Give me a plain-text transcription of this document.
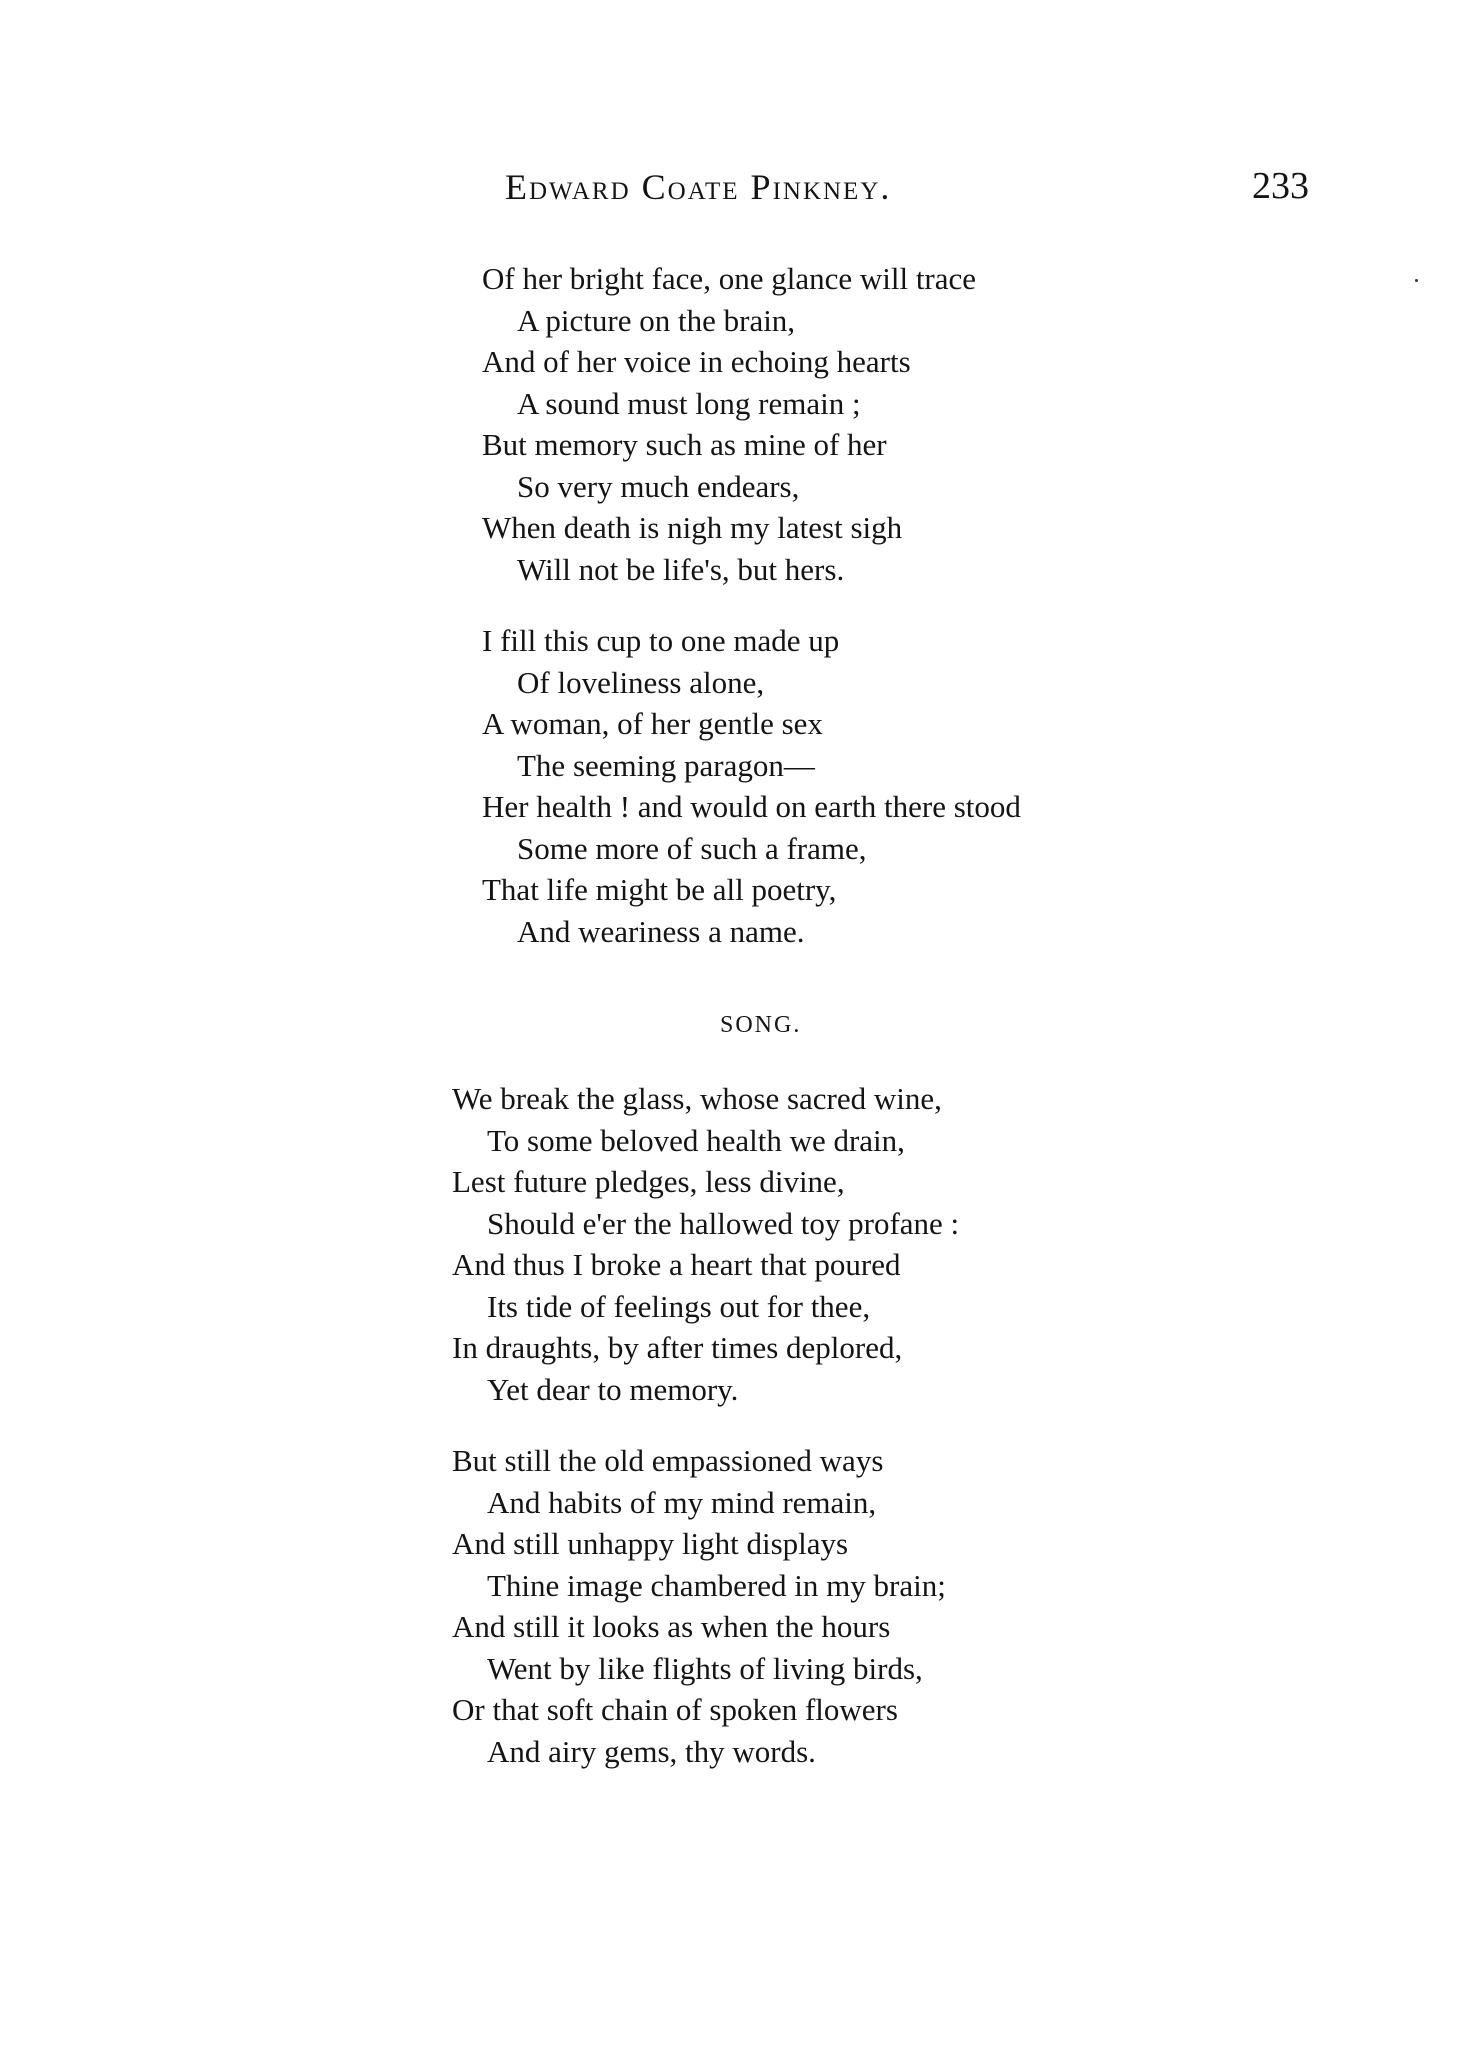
Edward Coate Pinkney.	233
Of her bright face, one glance will trace
A picture on the brain,
And of her voice in echoing hearts
A sound must long remain ;
But memory such as mine of her
So very much endears,
When death is nigh my latest sigh
Will not be life's, but hers.
I fill this cup to one made up
Of loveliness alone,
A woman, of her gentle sex
The seeming paragon—
Her health ! and would on earth there stood
Some more of such a frame,
That life might be all poetry,
And weariness a name.
SONG.
We break the glass, whose sacred wine,
To some beloved health we drain,
Lest future pledges, less divine,
Should e'er the hallowed toy profane :
And thus I broke a heart that poured
Its tide of feelings out for thee,
In draughts, by after times deplored,
Yet dear to memory.
But still the old empassioned ways
And habits of my mind remain,
And still unhappy light displays
Thine image chambered in my brain;
And still it looks as when the hours
Went by like flights of living birds,
Or that soft chain of spoken flowers
And airy gems, thy words.
